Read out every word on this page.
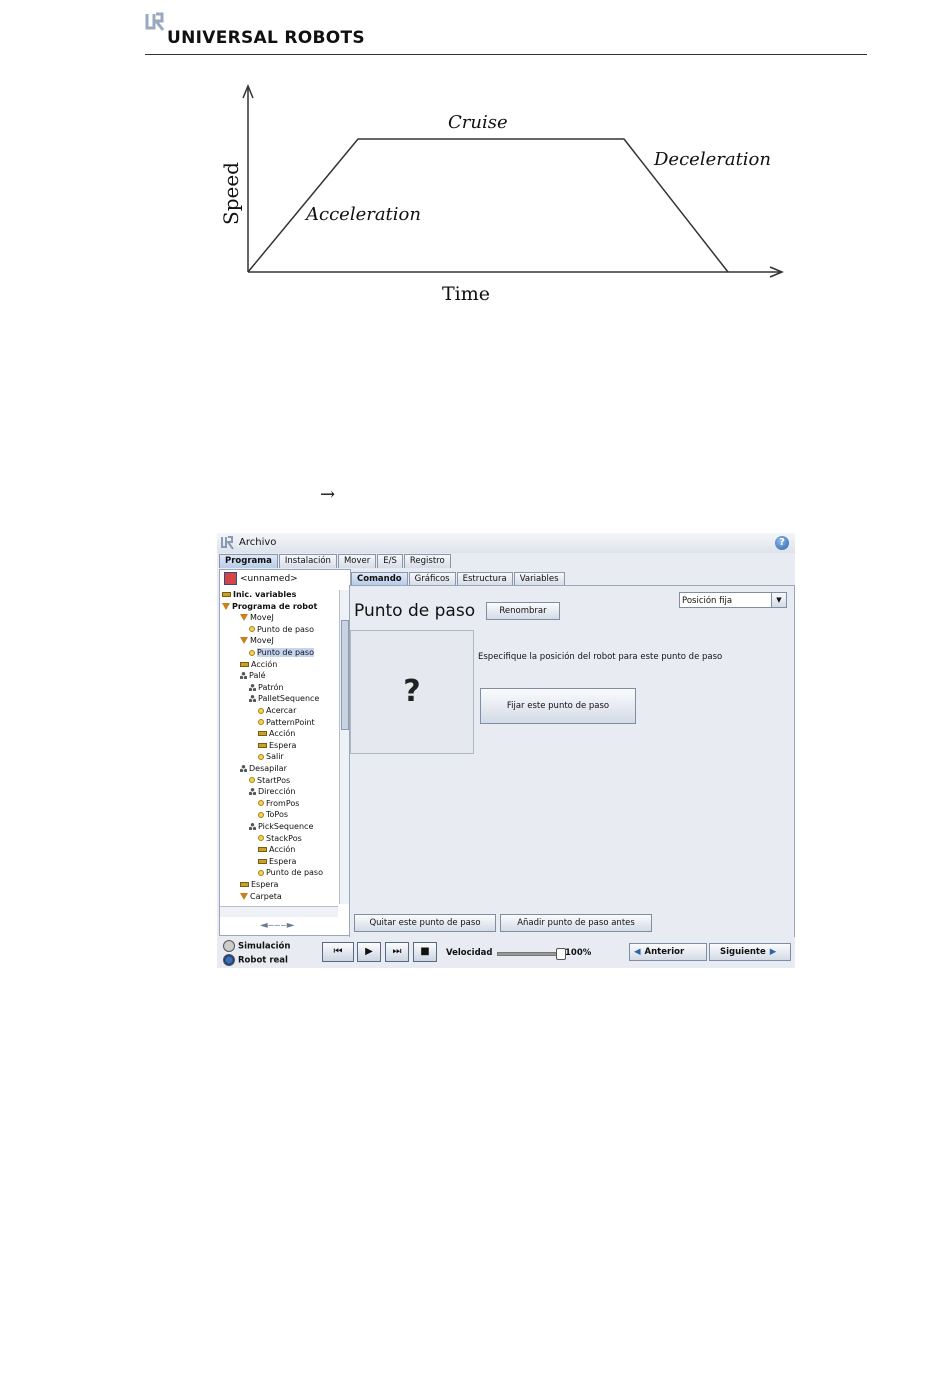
UNIVERSAL ROBOTS
Speed
Time
Acceleration
Cruise
Deceleration
→
Archivo	?
Programa	Instalación	Mover	E/S	Registro
<unnamed>
Inic. variables
Programa de robot
MoveJ
Punto de paso
MoveJ
Punto de paso
Acción
Palé
Patrón
PalletSequence
Acercar
PatternPoint
Acción
Espera
Salir
Desapilar
StartPos
Dirección
FromPos
ToPos
PickSequence
StackPos
Acción
Espera
Punto de paso
Espera
Carpeta
◄‒‒‒►
Comando	Gráficos	Estructura	Variables
Punto de paso	Renombrar
Posición fija	▼
?
Especifique la posición del robot para este punto de paso
Fijar este punto de paso
Quitar este punto de paso	Añadir punto de paso antes
Simulación
Robot real
⏮	▶	⏭	■	Velocidad	100%	◀ Anterior	Siguiente ▶
